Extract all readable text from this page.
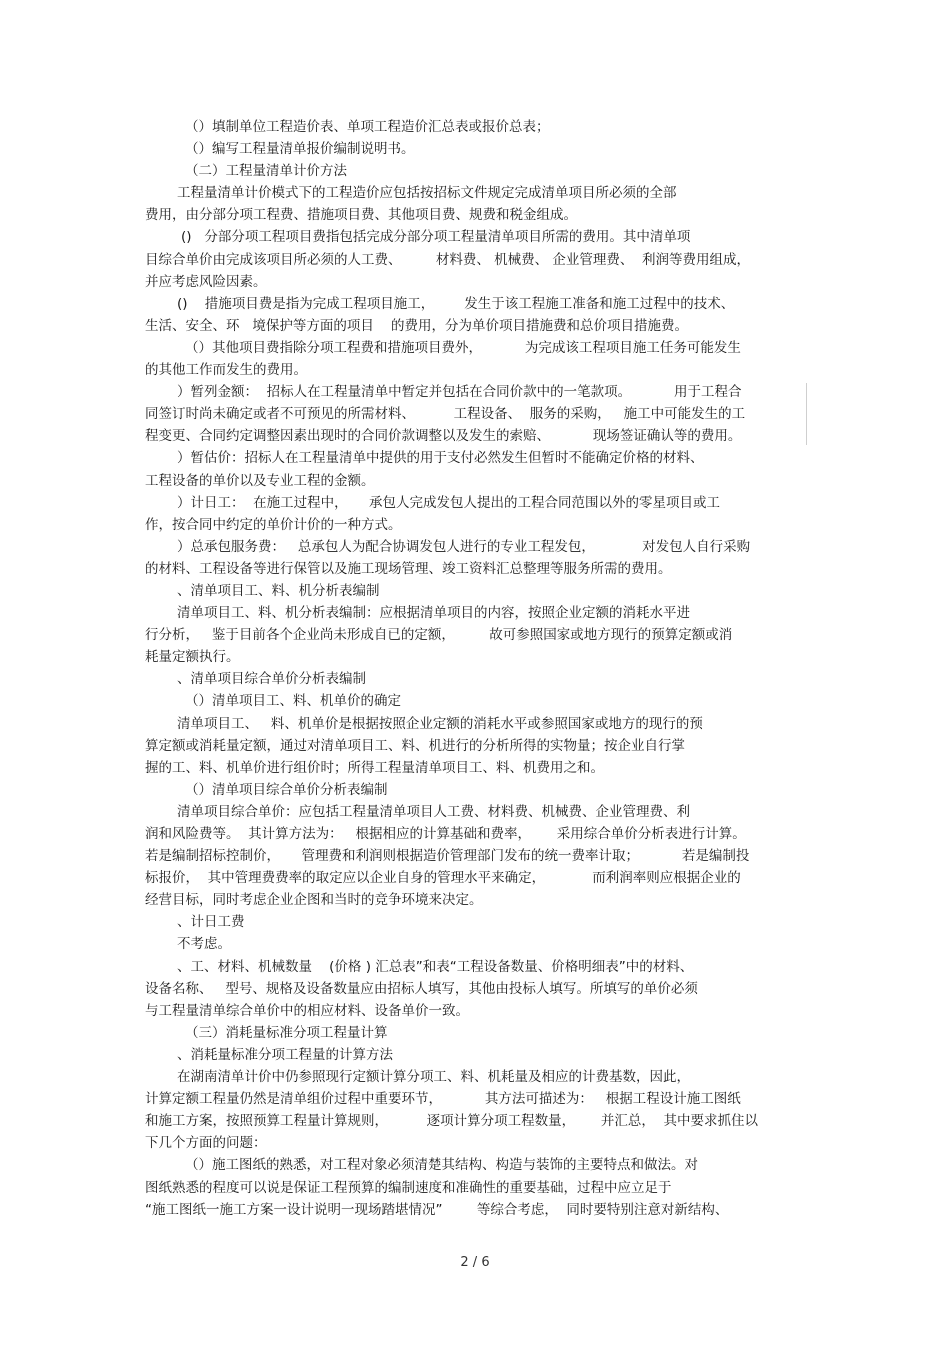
（）填制单位工程造价表、单项工程造价汇总表或报价总表；
（）编写工程量清单报价编制说明书。
（二）工程量清单计价方法
工程量清单计价模式下的工程造价应包括按招标文件规定完成清单项目所必须的全部
费用，由分部分项工程费、措施项目费、其他项目费、规费和税金组成。
()   分部分项工程项目费指包括完成分部分项工程量清单项目所需的费用。其中清单项
目综合单价由完成该项目所必须的人工费、        材料费、 机械费、 企业管理费、  利润等费用组成，
并应考虑风险因素。
()    措施项目费是指为完成工程项目施工，       发生于该工程施工准备和施工过程中的技术、
生活、安全、环   境保护等方面的项目    的费用，分为单价项目措施费和总价项目措施费。
（）其他项目费指除分项工程费和措施项目费外，          为完成该工程项目施工任务可能发生
的其他工作而发生的费用。
）暂列金额：  招标人在工程量清单中暂定并包括在合同价款中的一笔款项。          用于工程合
同签订时尚未确定或者不可预见的所需材料、         工程设备、  服务的采购，   施工中可能发生的工
程变更、合同约定调整因素出现时的合同价款调整以及发生的索赔、          现场签证确认等的费用。
）暂估价：招标人在工程量清单中提供的用于支付必然发生但暂时不能确定价格的材料、
工程设备的单价以及专业工程的金额。
）计日工：  在施工过程中，     承包人完成发包人提出的工程合同范围以外的零星项目或工
作，按合同中约定的单价计价的一种方式。
）总承包服务费：   总承包人为配合协调发包人进行的专业工程发包，           对发包人自行采购
的材料、工程设备等进行保管以及施工现场管理、竣工资料汇总整理等服务所需的费用。
、清单项目工、料、机分析表编制
清单项目工、料、机分析表编制：应根据清单项目的内容，按照企业定额的消耗水平进
行分析，   鉴于目前各个企业尚未形成自已的定额，        故可参照国家或地方现行的预算定额或消
耗量定额执行。
、清单项目综合单价分析表编制
（）清单项目工、料、机单价的确定
清单项目工、   料、机单价是根据按照企业定额的消耗水平或参照国家或地方的现行的预
算定额或消耗量定额，通过对清单项目工、料、机进行的分析所得的实物量；按企业自行掌
握的工、料、机单价进行组价时；所得工程量清单项目工、料、机费用之和。
（）清单项目综合单价分析表编制
清单项目综合单价：应包括工程量清单项目人工费、材料费、机械费、企业管理费、利
润和风险费等。  其计算方法为：   根据相应的计算基础和费率，      采用综合单价分析表进行计算。
若是编制招标控制价，     管理费和利润则根据造价管理部门发布的统一费率计取；          若是编制投
标报价，  其中管理费费率的取定应以企业自身的管理水平来确定，           而利润率则应根据企业的
经营目标，同时考虑企业企图和当时的竞争环境来决定。
、计日工费
不考虑。
、工、材料、机械数量    (价格 ) 汇总表”和表“工程设备数量、价格明细表”中的材料、
设备名称、   型号、规格及设备数量应由招标人填写，其他由投标人填写。所填写的单价必须
与工程量清单综合单价中的相应材料、设备单价一致。
（三）消耗量标准分项工程量计算
、消耗量标准分项工程量的计算方法
在湖南清单计价中仍参照现行定额计算分项工、料、机耗量及相应的计费基数，因此，
计算定额工程量仍然是清单组价过程中重要环节，          其方法可描述为：   根据工程设计施工图纸
和施工方案，按照预算工程量计算规则，         逐项计算分项工程数量，      并汇总，  其中要求抓住以
下几个方面的问题：
（）施工图纸的熟悉，对工程对象必须清楚其结构、构造与装饰的主要特点和做法。对
图纸熟悉的程度可以说是保证工程预算的编制速度和准确性的重要基础，过程中应立足于
“施工图纸一施工方案一设计说明一现场踏堪情况”        等综合考虑，  同时要特别注意对新结构、
2 / 6
